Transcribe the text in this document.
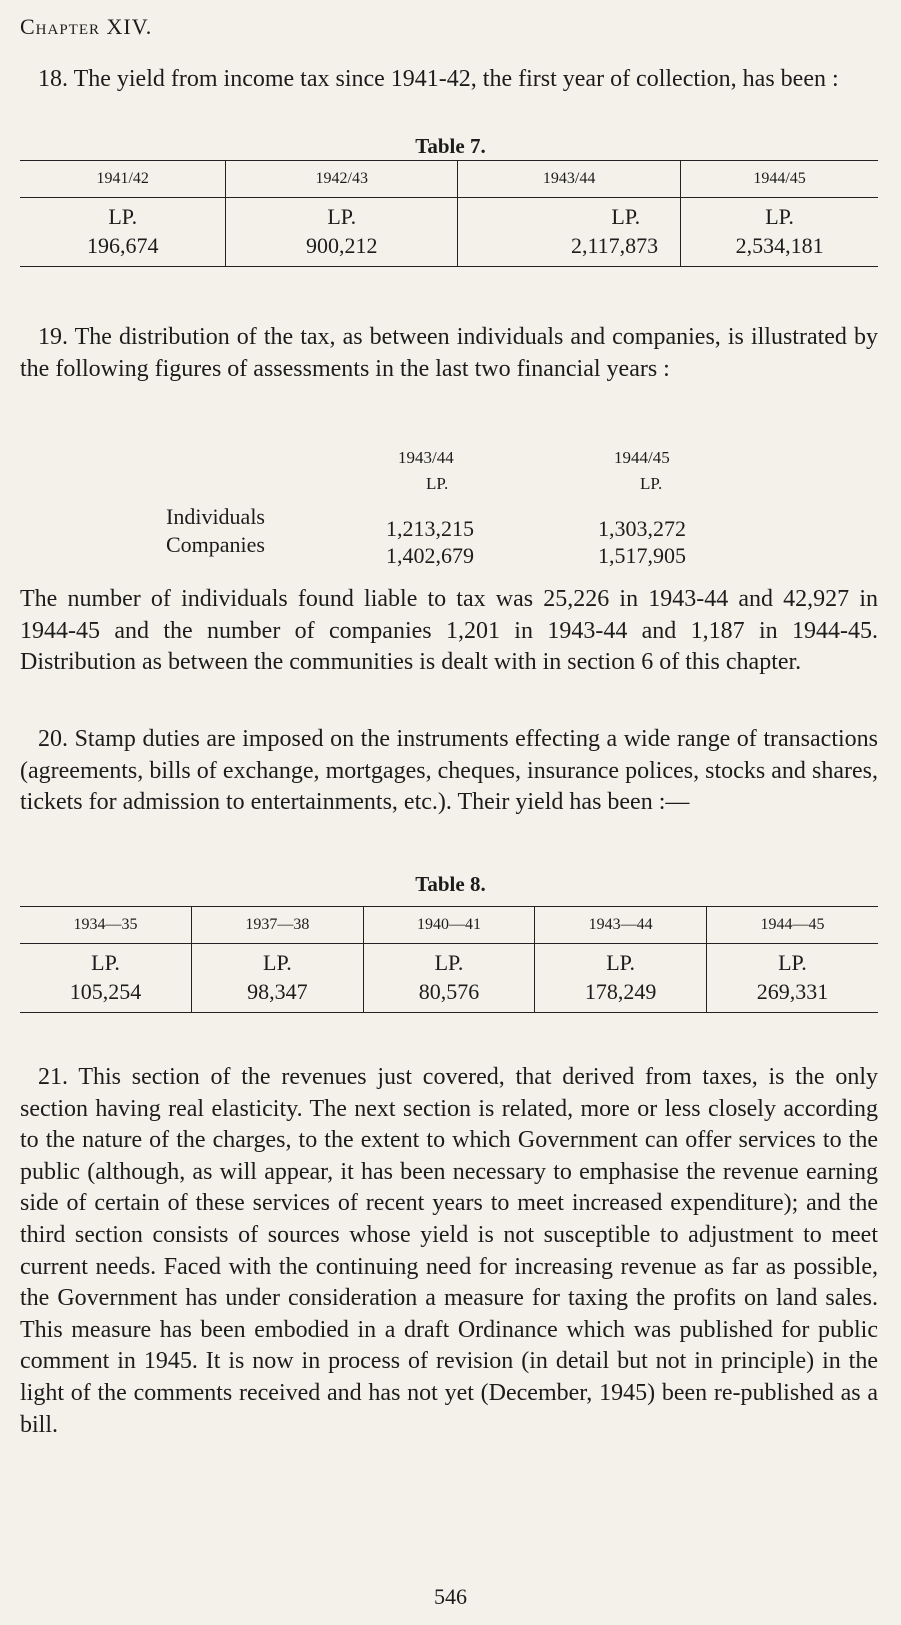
Chapter XIV.

18. The yield from income tax since 1941-42, the first year of collection, has been :

Table 7.
1941/42	1942/43	1943/44	1944/45
LP.	LP.	LP.	LP.
196,674	900,212	2,117,873	2,534,181

19. The distribution of the tax, as between individuals and companies, is illustrated by the following figures of assessments in the last two financial years :

1943/44	1944/45
LP.	LP.
Individuals	1,213,215	1,303,272
Companies	1,402,679	1,517,905

The number of individuals found liable to tax was 25,226 in 1943-44 and 42,927 in 1944-45 and the number of companies 1,201 in 1943-44 and 1,187 in 1944-45. Distribution as between the communities is dealt with in section 6 of this chapter.

20. Stamp duties are imposed on the instruments effecting a wide range of transactions (agreements, bills of exchange, mortgages, cheques, insurance polices, stocks and shares, tickets for admission to entertainments, etc.). Their yield has been :—

Table 8.
1934—35	1937—38	1940—41	1943—44	1944—45
LP.	LP.	LP.	LP.	LP.
105,254	98,347	80,576	178,249	269,331

21. This section of the revenues just covered, that derived from taxes, is the only section having real elasticity. The next section is related, more or less closely according to the nature of the charges, to the extent to which Government can offer services to the public (although, as will appear, it has been necessary to emphasise the revenue earning side of certain of these services of recent years to meet increased expenditure); and the third section consists of sources whose yield is not susceptible to adjustment to meet current needs. Faced with the continuing need for increasing revenue as far as possible, the Government has under consideration a measure for taxing the profits on land sales. This measure has been embodied in a draft Ordinance which was published for public comment in 1945. It is now in process of revision (in detail but not in principle) in the light of the comments received and has not yet (December, 1945) been re-published as a bill.

546
